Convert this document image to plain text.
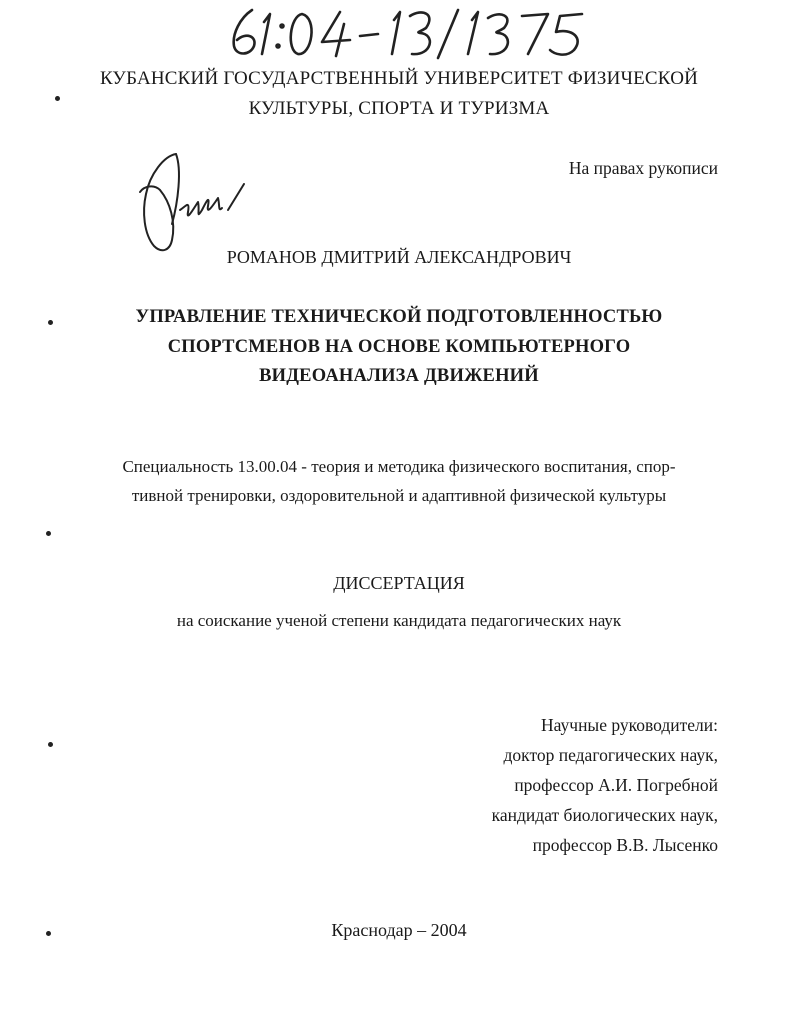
КУБАНСКИЙ ГОСУДАРСТВЕННЫЙ УНИВЕРСИТЕТ ФИЗИЧЕСКОЙ
КУЛЬТУРЫ, СПОРТА И ТУРИЗМА
На правах рукописи
РОМАНОВ ДМИТРИЙ АЛЕКСАНДРОВИЧ
УПРАВЛЕНИЕ ТЕХНИЧЕСКОЙ ПОДГОТОВЛЕННОСТЬЮ
СПОРТСМЕНОВ НА ОСНОВЕ КОМПЬЮТЕРНОГО
ВИДЕОАНАЛИЗА ДВИЖЕНИЙ
Специальность 13.00.04 - теория и методика физического воспитания, спор-
тивной тренировки, оздоровительной и адаптивной физической культуры
ДИССЕРТАЦИЯ
на соискание ученой степени кандидата педагогических наук
Научные руководители:
доктор педагогических наук,
профессор А.И. Погребной
кандидат биологических наук,
профессор В.В. Лысенко
Краснодар – 2004
